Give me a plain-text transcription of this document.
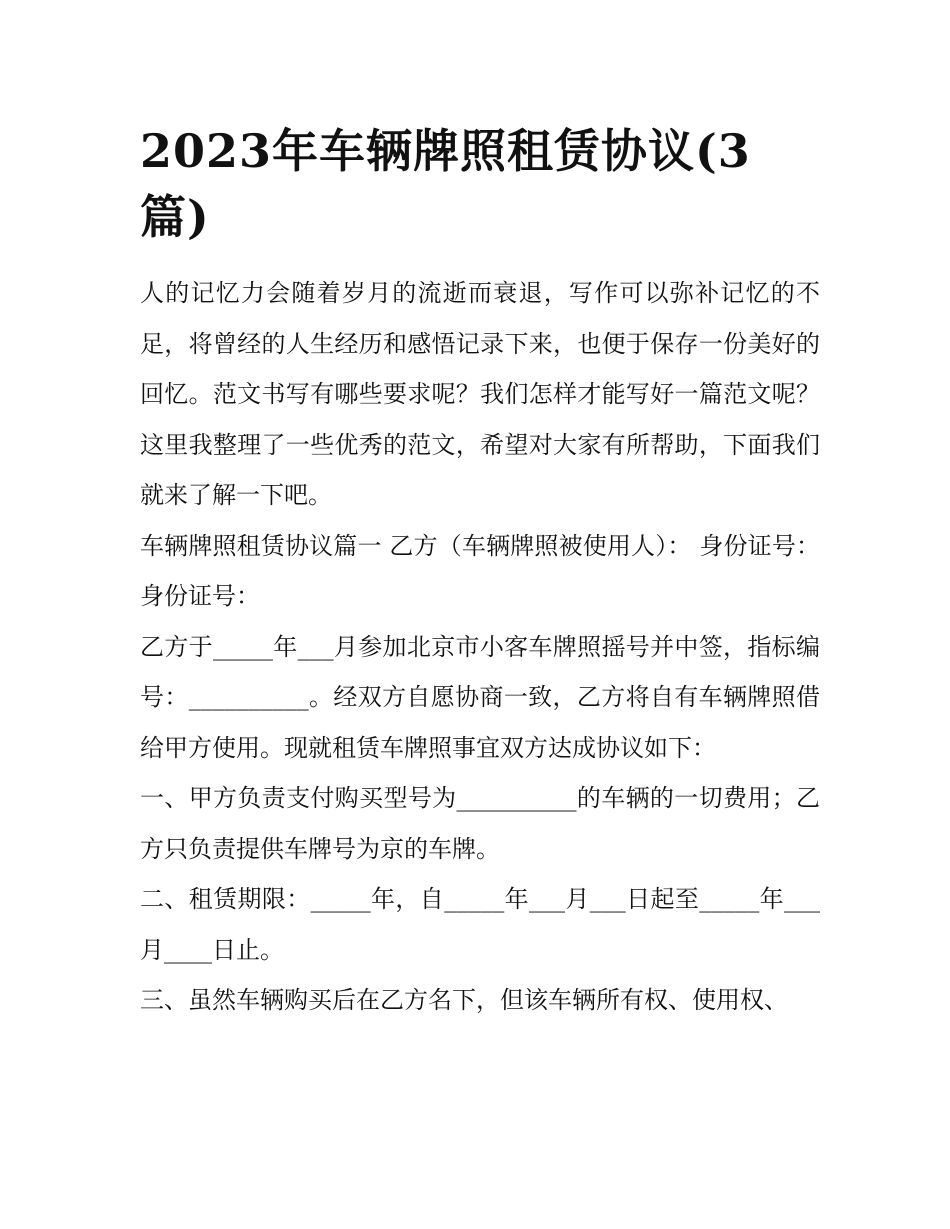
2023年车辆牌照租赁协议(3篇)

人的记忆力会随着岁月的流逝而衰退，写作可以弥补记忆的不足，将曾经的人生经历和感悟记录下来，也便于保存一份美好的回忆。范文书写有哪些要求呢？我们怎样才能写好一篇范文呢？这里我整理了一些优秀的范文，希望对大家有所帮助，下面我们就来了解一下吧。

车辆牌照租赁协议篇一 乙方（车辆牌照被使用人）： 身份证号： 身份证号：

乙方于_____年___月参加北京市小客车牌照摇号并中签，指标编号：__________。经双方自愿协商一致，乙方将自有车辆牌照借给甲方使用。现就租赁车牌照事宜双方达成协议如下：

一、甲方负责支付购买型号为__________的车辆的一切费用；乙方只负责提供车牌号为京的车牌。

二、租赁期限：_____年，自_____年___月___日起至_____年___月____日止。

三、虽然车辆购买后在乙方名下，但该车辆所有权、使用权、
